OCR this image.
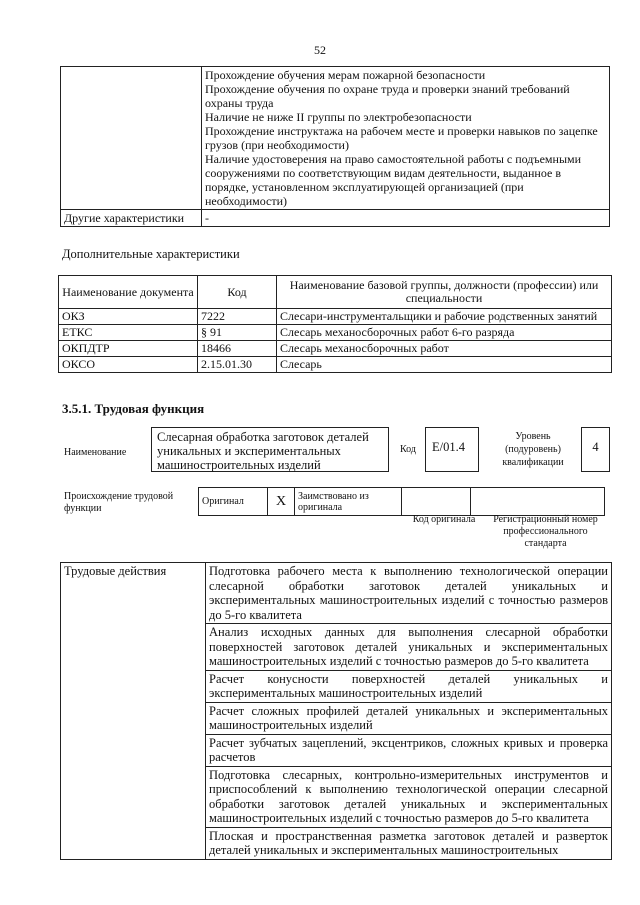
52

	Прохождение обучения мерам пожарной безопасности
Прохождение обучения по охране труда и проверки знаний требований охраны труда
Наличие не ниже II группы по электробезопасности
Прохождение инструктажа на рабочем месте и проверки навыков по зацепке грузов (при необходимости)
Наличие удостоверения на право самостоятельной работы с подъемными сооружениями по соответствующим видам деятельности, выданное в порядке, установленном эксплуатирующей организацией (при необходимости)

Другие характеристики	-
Дополнительные характеристики
Наименование документа	Код	Наименование базовой группы, должности (профессии) или специальности
ОКЗ	7222	Слесари-инструментальщики и рабочие родственных занятий
ЕТКС	§ 91	Слесарь механосборочных работ 6-го разряда
ОКПДТР	18466	Слесарь механосборочных работ
ОКСО	2.15.01.30	Слесарь
3.5.1. Трудовая функция
Наименование
Слесарная обработка заготовок деталей уникальных и экспериментальных машиностроительных изделий
Код	E/01.4
Уровень (подуровень) квалификации
4
Происхождение трудовой функции
Оригинал	X	Заимствовано из оригинала		
Код оригинала	Регистрационный номер профессионального стандарта
Трудовые действия	Подготовка рабочего места к выполнению технологической операции слесарной обработки заготовок деталей уникальных и экспериментальных машиностроительных изделий с точностью размеров до 5-го квалитета
Анализ исходных данных для выполнения слесарной обработки поверхностей заготовок деталей уникальных и экспериментальных машиностроительных изделий с точностью размеров до 5-го квалитета
Расчет конусности поверхностей деталей уникальных и экспериментальных машиностроительных изделий
Расчет сложных профилей деталей уникальных и экспериментальных машиностроительных изделий
Расчет зубчатых зацеплений, эксцентриков, сложных кривых и проверка расчетов
Подготовка слесарных, контрольно-измерительных инструментов и приспособлений к выполнению технологической операции слесарной обработки заготовок деталей уникальных и экспериментальных машиностроительных изделий с точностью размеров до 5-го квалитета
Плоская и пространственная разметка заготовок деталей и разверток деталей уникальных и экспериментальных машиностроительных
